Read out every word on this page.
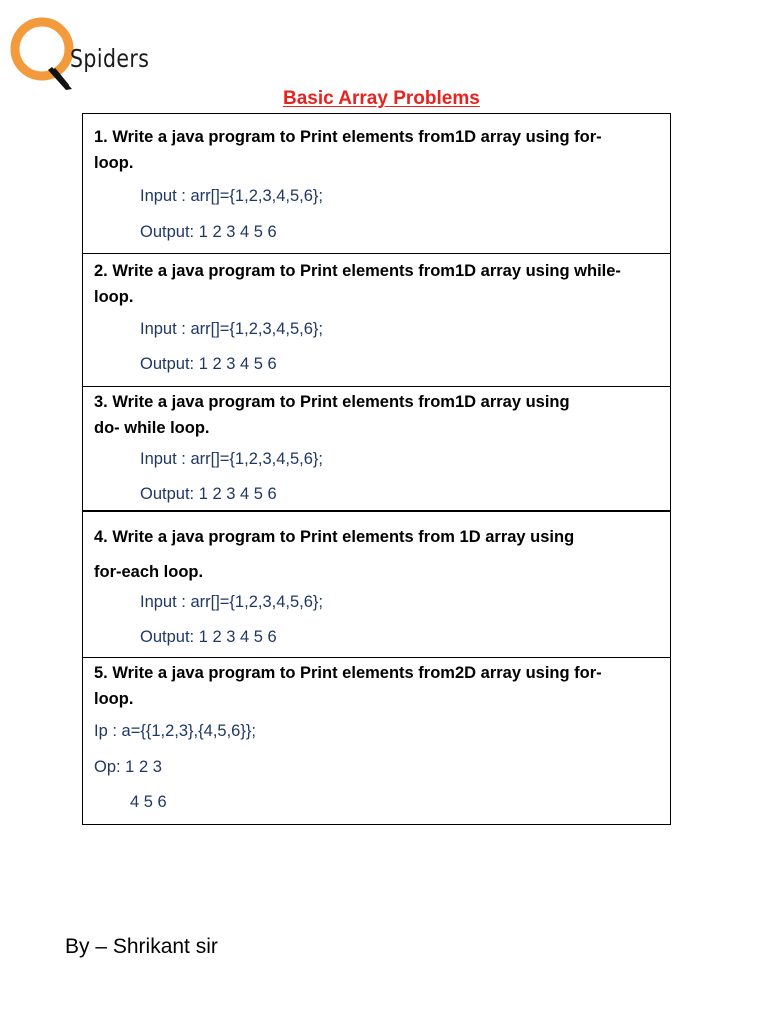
Spiders
Basic Array Problems

1. Write a java program to Print elements from1D array using for-
loop.

Input : arr[]={1,2,3,4,5,6};
Output: 1 2 3 4 5 6

2. Write a java program to Print elements from1D array using while-
loop.

Input : arr[]={1,2,3,4,5,6};
Output: 1 2 3 4 5 6

3. Write a java program to Print elements from1D array using
do- while loop.

Input : arr[]={1,2,3,4,5,6};
Output: 1 2 3 4 5 6

4. Write a java program to Print elements from 1D array using
for-each loop.

Input : arr[]={1,2,3,4,5,6};
Output: 1 2 3 4 5 6

5. Write a java program to Print elements from2D array using for-
loop.

Ip : a={{1,2,3},{4,5,6}};
Op: 1 2 3
4 5 6
By – Shrikant sir
